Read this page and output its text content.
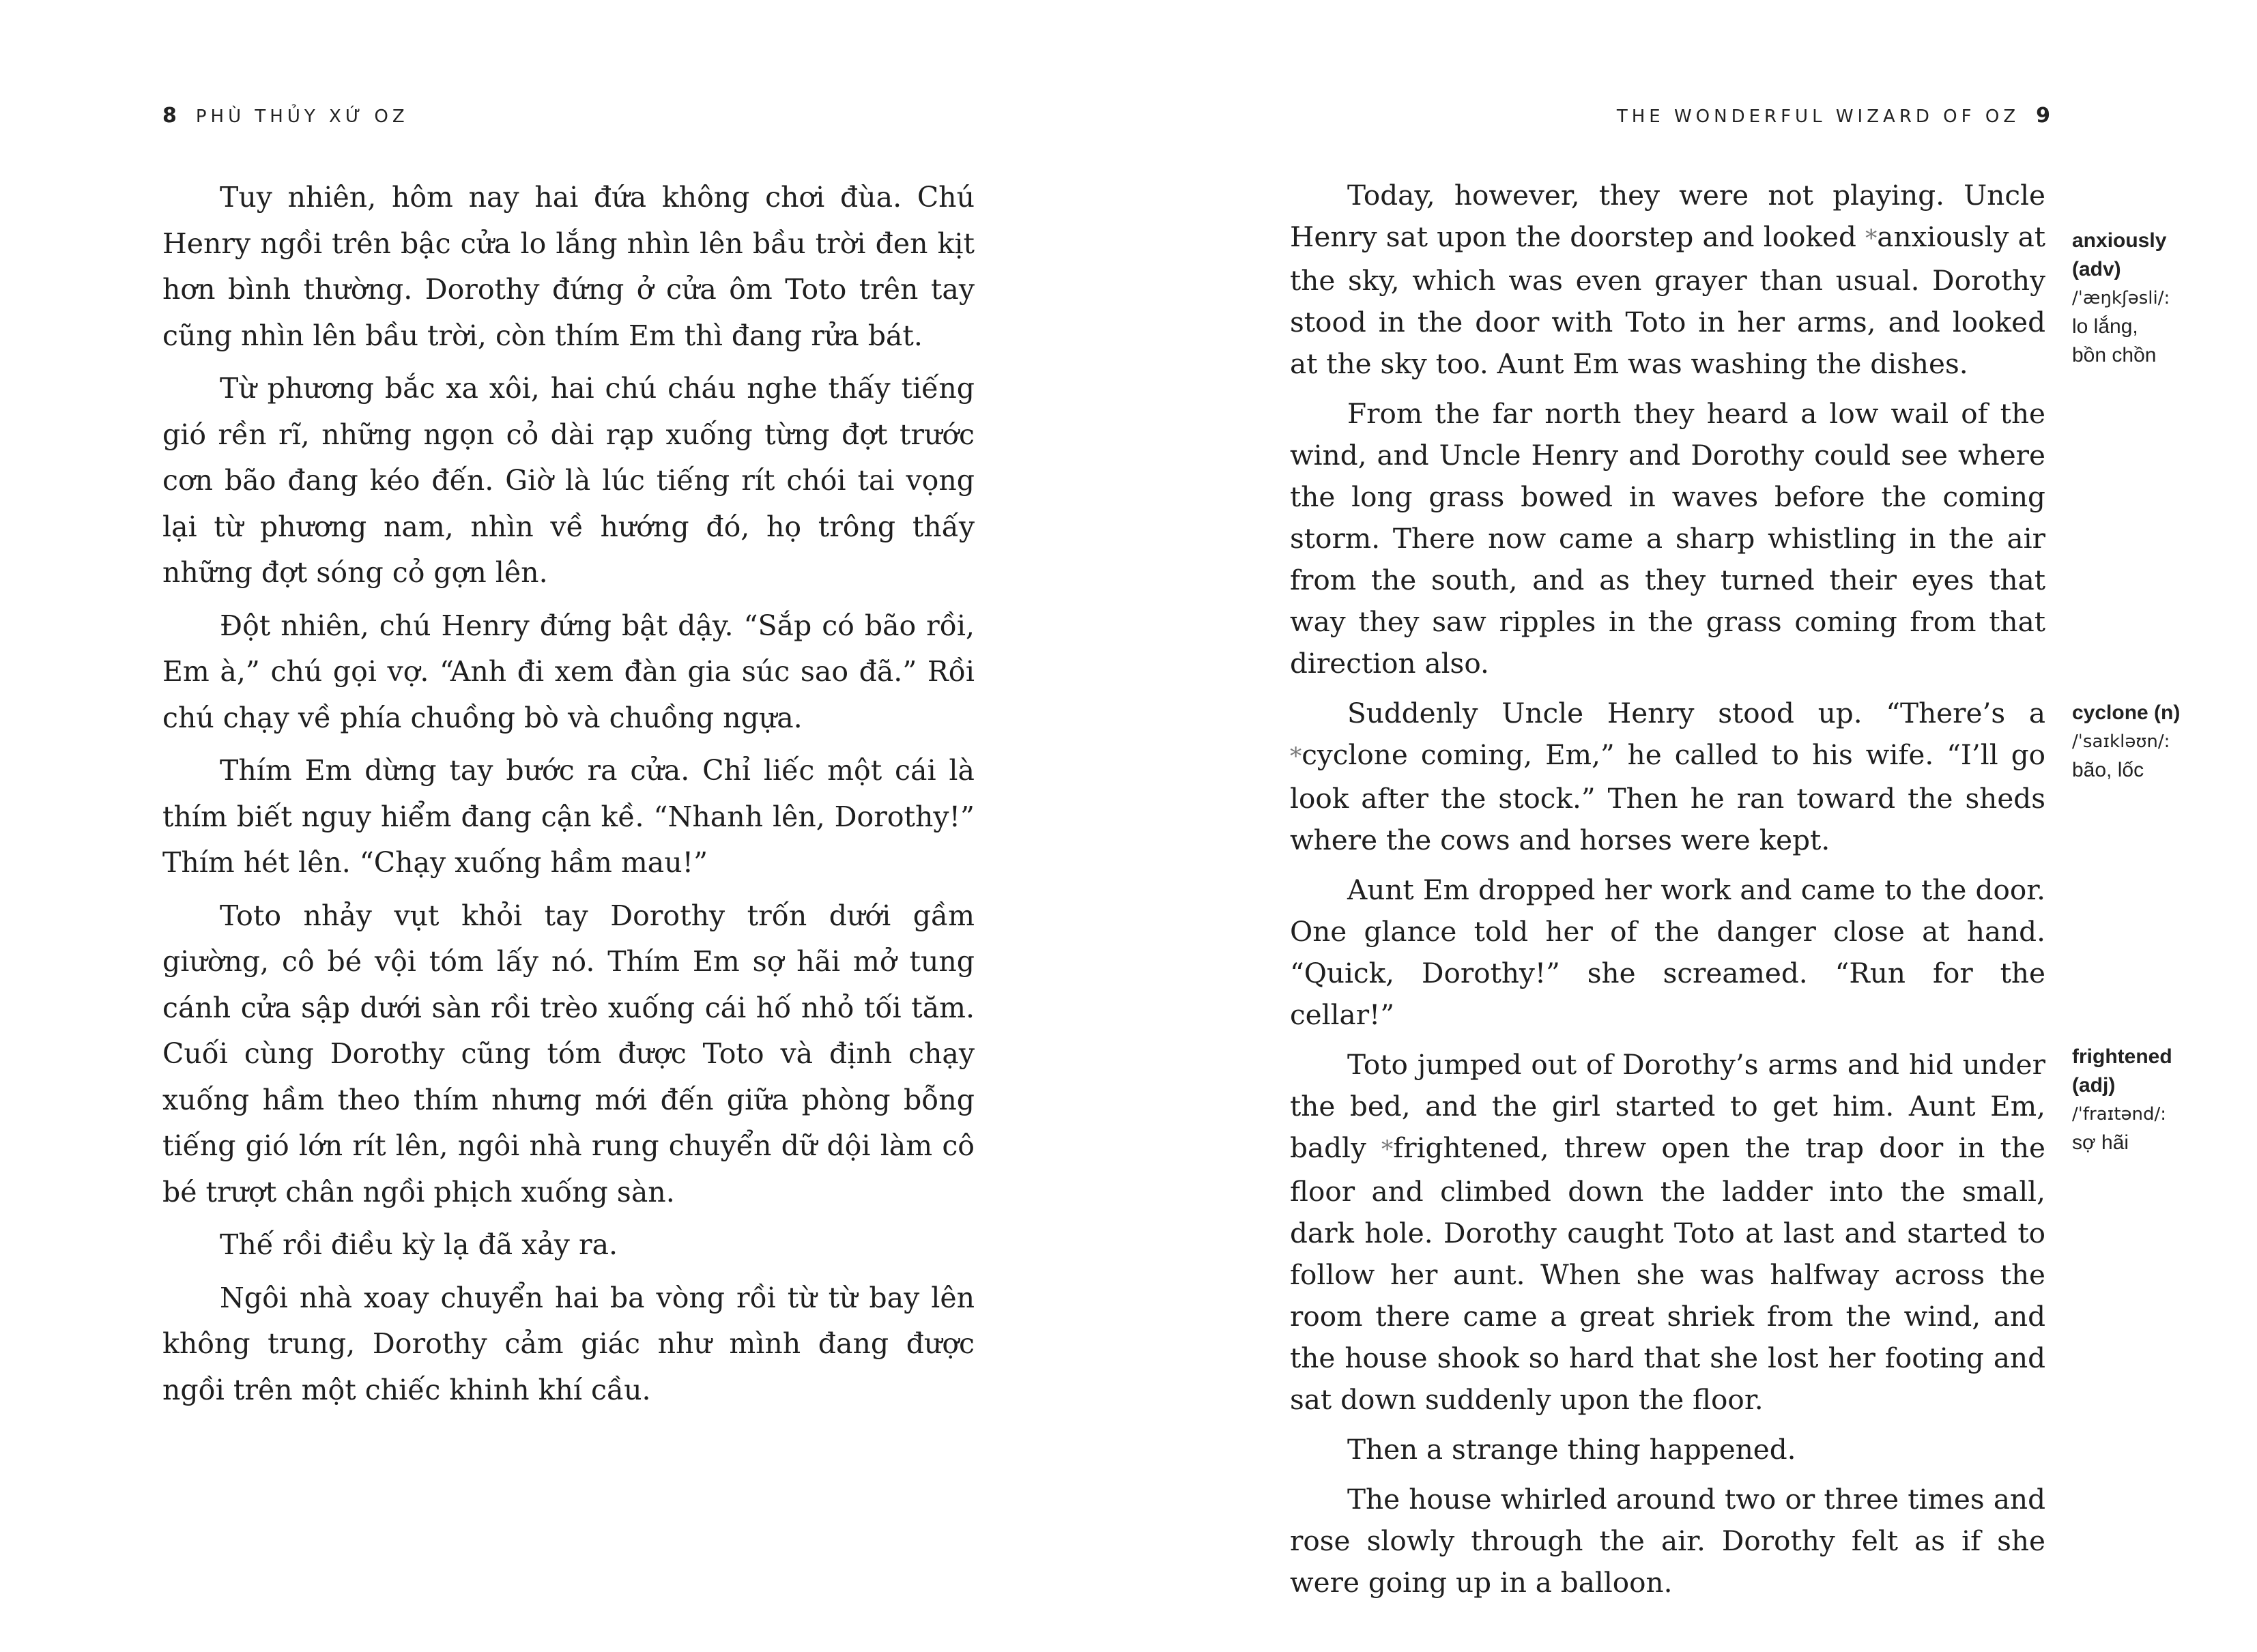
8 PHÙ THỦY XỨ OZ

Tuy nhiên, hôm nay hai đứa không chơi đùa. Chú Henry ngồi trên bậc cửa lo lắng nhìn lên bầu trời đen kịt hơn bình thường. Dorothy đứng ở cửa ôm Toto trên tay cũng nhìn lên bầu trời, còn thím Em thì đang rửa bát.

Từ phương bắc xa xôi, hai chú cháu nghe thấy tiếng gió rền rĩ, những ngọn cỏ dài rạp xuống từng đợt trước cơn bão đang kéo đến. Giờ là lúc tiếng rít chói tai vọng lại từ phương nam, nhìn về hướng đó, họ trông thấy những đợt sóng cỏ gợn lên.

Đột nhiên, chú Henry đứng bật dậy. “Sắp có bão rồi, Em à,” chú gọi vợ. “Anh đi xem đàn gia súc sao đã.” Rồi chú chạy về phía chuồng bò và chuồng ngựa.

Thím Em dừng tay bước ra cửa. Chỉ liếc một cái là thím biết nguy hiểm đang cận kề. “Nhanh lên, Dorothy!” Thím hét lên. “Chạy xuống hầm mau!”

Toto nhảy vụt khỏi tay Dorothy trốn dưới gầm giường, cô bé vội tóm lấy nó. Thím Em sợ hãi mở tung cánh cửa sập dưới sàn rồi trèo xuống cái hố nhỏ tối tăm. Cuối cùng Dorothy cũng tóm được Toto và định chạy xuống hầm theo thím nhưng mới đến giữa phòng bỗng tiếng gió lớn rít lên, ngôi nhà rung chuyển dữ dội làm cô bé trượt chân ngồi phịch xuống sàn.

Thế rồi điều kỳ lạ đã xảy ra.

Ngôi nhà xoay chuyển hai ba vòng rồi từ từ bay lên không trung, Dorothy cảm giác như mình đang được ngồi trên một chiếc khinh khí cầu.

THE WONDERFUL WIZARD OF OZ 9

Today, however, they were not playing. Uncle Henry sat upon the doorstep and looked *anxiously at the sky, which was even grayer than usual. Dorothy stood in the door with Toto in her arms, and looked at the sky too. Aunt Em was washing the dishes.

From the far north they heard a low wail of the wind, and Uncle Henry and Dorothy could see where the long grass bowed in waves before the coming storm. There now came a sharp whistling in the air from the south, and as they turned their eyes that way they saw ripples in the grass coming from that direction also.

Suddenly Uncle Henry stood up. “There’s a *cyclone coming, Em,” he called to his wife. “I’ll go look after the stock.” Then he ran toward the sheds where the cows and horses were kept.

Aunt Em dropped her work and came to the door. One glance told her of the danger close at hand. “Quick, Dorothy!” she screamed. “Run for the cellar!”

Toto jumped out of Dorothy’s arms and hid under the bed, and the girl started to get him. Aunt Em, badly *frightened, threw open the trap door in the floor and climbed down the ladder into the small, dark hole. Dorothy caught Toto at last and started to follow her aunt. When she was halfway across the room there came a great shriek from the wind, and the house shook so hard that she lost her footing and sat down suddenly upon the floor.

Then a strange thing happened.

The house whirled around two or three times and rose slowly through the air. Dorothy felt as if she were going up in a balloon.

anxiously
(adv)
/ˈæŋkʃəsli/:
lo lắng,
bồn chồn
cyclone (n)
/ˈsaɪkləʊn/:
bão, lốc
frightened
(adj)
/ˈfraɪtənd/:
sợ hãi
